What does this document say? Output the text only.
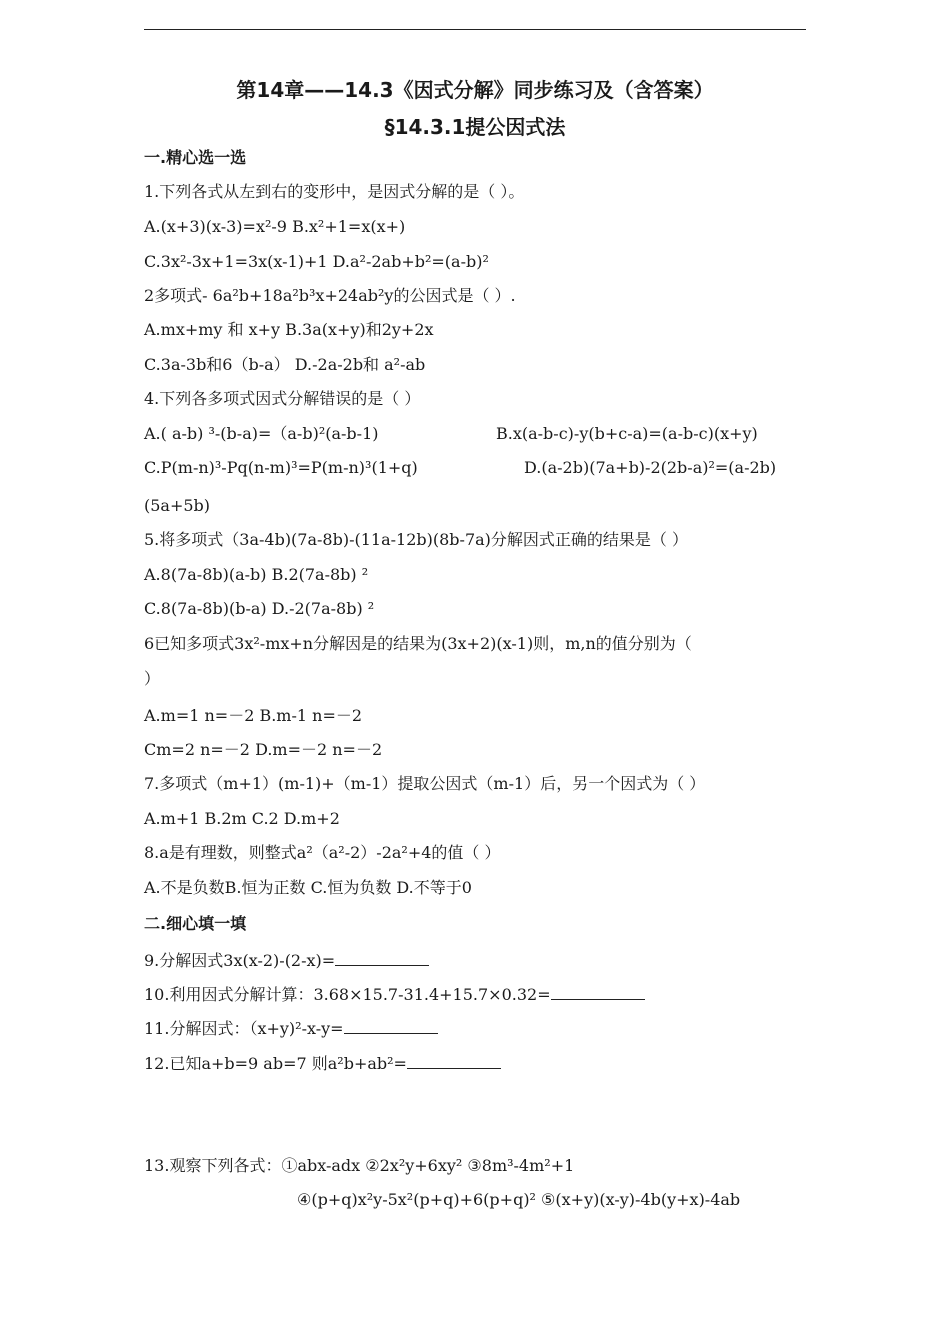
第14章——14.3《因式分解》同步练习及（含答案）
§14.3.1提公因式法
一.精心选一选
1.下列各式从左到右的变形中，是因式分解的是（ ）。
A.(x+3)(x-3)=x²-9 B.x²+1=x(x+)
C.3x²-3x+1=3x(x-1)+1 D.a²-2ab+b²=(a-b)²
2多项式- 6a²b+18a²b³x+24ab²y的公因式是（ ）.
A.mx+my 和 x+y B.3a(x+y)和2y+2x
C.3a-3b和6（b-a） D.-2a-2b和 a²-ab
4.下列各多项式因式分解错误的是（ ）
A.( a-b) ³-(b-a)=（a-b)²(a-b-1)	B.x(a-b-c)-y(b+c-a)=(a-b-c)(x+y)
C.P(m-n)³-Pq(n-m)³=P(m-n)³(1+q)	D.(a-2b)(7a+b)-2(2b-a)²=(a-2b)
(5a+5b)
5.将多项式（3a-4b)(7a-8b)-(11a-12b)(8b-7a)分解因式正确的结果是（ ）
A.8(7a-8b)(a-b) B.2(7a-8b) ²
C.8(7a-8b)(b-a) D.-2(7a-8b) ²
6已知多项式3x²-mx+n分解因是的结果为(3x+2)(x-1)则，m,n的值分别为（
）
A.m=1 n=－2 B.m-1 n=－2
Cm=2 n=－2 D.m=－2 n=－2
7.多项式（m+1）(m-1)+（m-1）提取公因式（m-1）后，另一个因式为（ ）
A.m+1 B.2m C.2 D.m+2
8.a是有理数，则整式a²（a²-2）-2a²+4的值（ ）
A.不是负数B.恒为正数 C.恒为负数 D.不等于0
二.细心填一填
9.分解因式3x(x-2)-(2-x)=
10.利用因式分解计算：3.68×15.7-31.4+15.7×0.32=
11.分解因式：（x+y)²-x-y=
12.已知a+b=9 ab=7 则a²b+ab²=
13.观察下列各式：①abx-adx ②2x²y+6xy² ③8m³-4m²+1
④(p+q)x²y-5x²(p+q)+6(p+q)² ⑤(x+y)(x-y)-4b(y+x)-4ab
